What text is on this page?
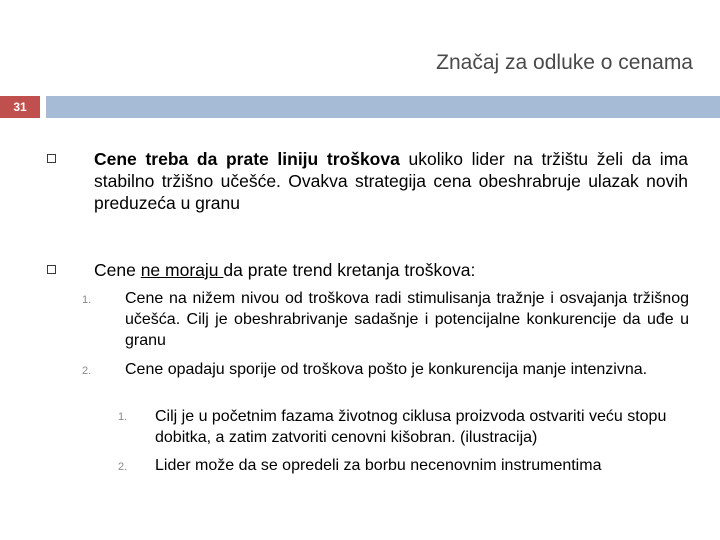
Značaj za odluke o cenama
31
Cene treba da prate liniju troškova ukoliko lider na tržištu želi da ima stabilno tržišno učešće. Ovakva strategija cena obeshrabruje ulazak novih preduzeća u granu
Cene ne moraju da prate trend kretanja troškova:
1. Cene na nižem nivou od troškova radi stimulisanja tražnje i osvajanja tržišnog učešća. Cilj je obeshrabrivanje sadašnje i potencijalne konkurencije da uđe u granu
2. Cene opadaju sporije od troškova pošto je konkurencija manje intenzivna.
1. Cilj je u početnim fazama životnog ciklusa proizvoda ostvariti veću stopu dobitka, a zatim zatvoriti cenovni kišobran. (ilustracija)
2. Lider može da se opredeli za borbu necenovnim instrumentima
